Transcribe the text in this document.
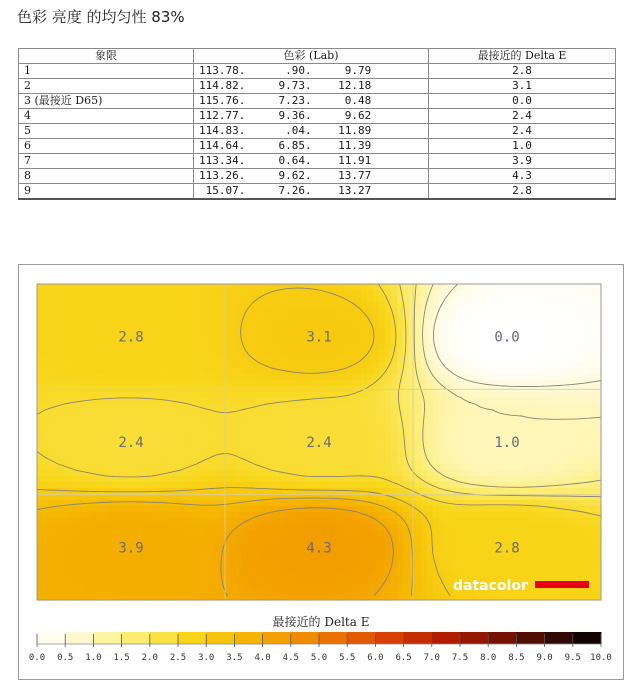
色彩 亮度 的均匀性 83%
象限	色彩 (Lab)	最接近的 Delta E
1	113.78.      .90.     9.79	2.8
2	114.82.     9.73.    12.18	3.1
3 (最接近 D65)	115.76.     7.23.     0.48	0.0
4	112.77.     9.36.     9.62	2.4
5	114.83.      .04.    11.89	2.4
6	114.64.     6.85.    11.39	1.0
7	113.34.     0.64.    11.91	3.9
8	113.26.     9.62.    13.77	4.3
9	15.07.     7.26.    13.27	2.8
2.8	3.1	0.0
2.4	2.4	1.0
3.9	4.3	2.8
datacolor
最接近的 Delta E
0.0 0.5 1.0 1.5 2.0 2.5 3.0 3.5 4.0 4.5 5.0 5.5 6.0 6.5 7.0 7.5 8.0 8.5 9.0 9.5 10.0
